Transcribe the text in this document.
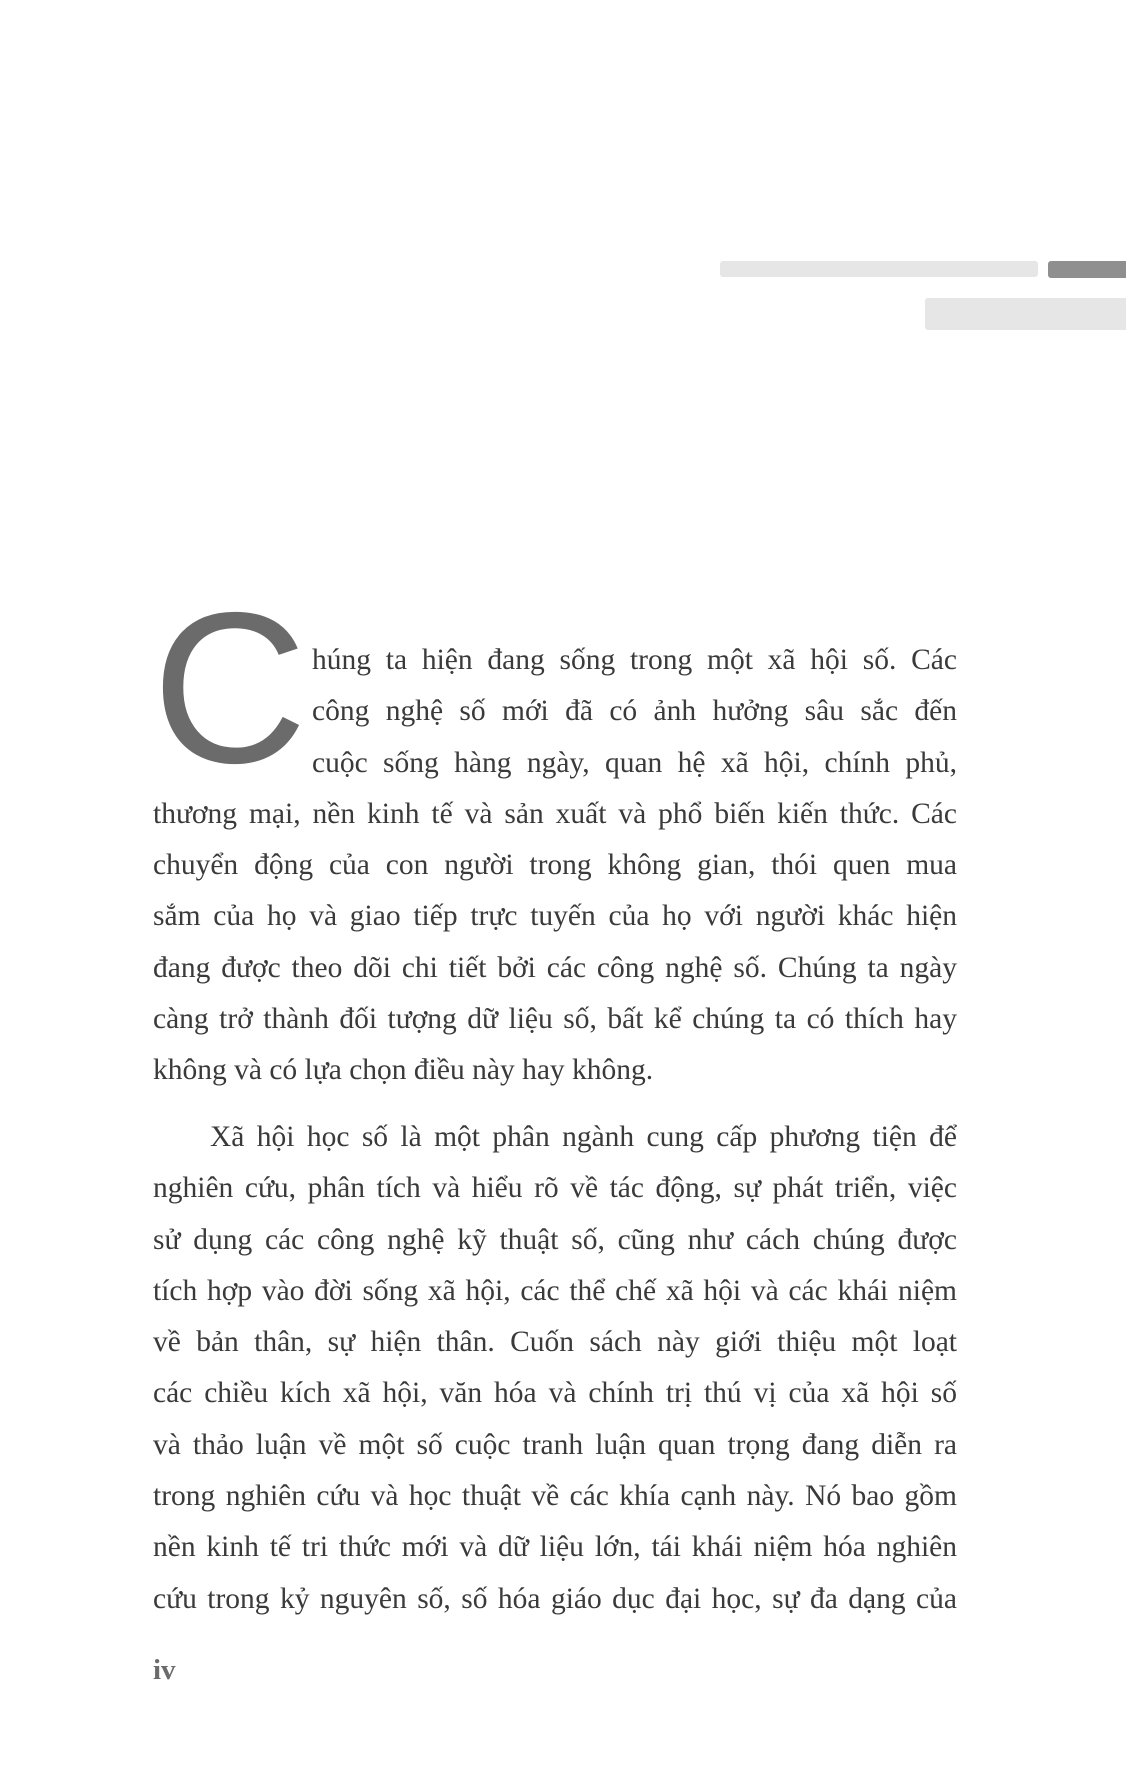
C húng ta hiện đang sống trong một xã hội số. Các
công nghệ số mới đã có ảnh hưởng sâu sắc đến
cuộc sống hàng ngày, quan hệ xã hội, chính phủ,
thương mại, nền kinh tế và sản xuất và phổ biến kiến thức. Các
chuyển động của con người trong không gian, thói quen mua
sắm của họ và giao tiếp trực tuyến của họ với người khác hiện
đang được theo dõi chi tiết bởi các công nghệ số. Chúng ta ngày
càng trở thành đối tượng dữ liệu số, bất kể chúng ta có thích hay
không và có lựa chọn điều này hay không.
Xã hội học số là một phân ngành cung cấp phương tiện để
nghiên cứu, phân tích và hiểu rõ về tác động, sự phát triển, việc
sử dụng các công nghệ kỹ thuật số, cũng như cách chúng được
tích hợp vào đời sống xã hội, các thể chế xã hội và các khái niệm
về bản thân, sự hiện thân. Cuốn sách này giới thiệu một loạt
các chiều kích xã hội, văn hóa và chính trị thú vị của xã hội số
và thảo luận về một số cuộc tranh luận quan trọng đang diễn ra
trong nghiên cứu và học thuật về các khía cạnh này. Nó bao gồm
nền kinh tế tri thức mới và dữ liệu lớn, tái khái niệm hóa nghiên
cứu trong kỷ nguyên số, số hóa giáo dục đại học, sự đa dạng của
iv
